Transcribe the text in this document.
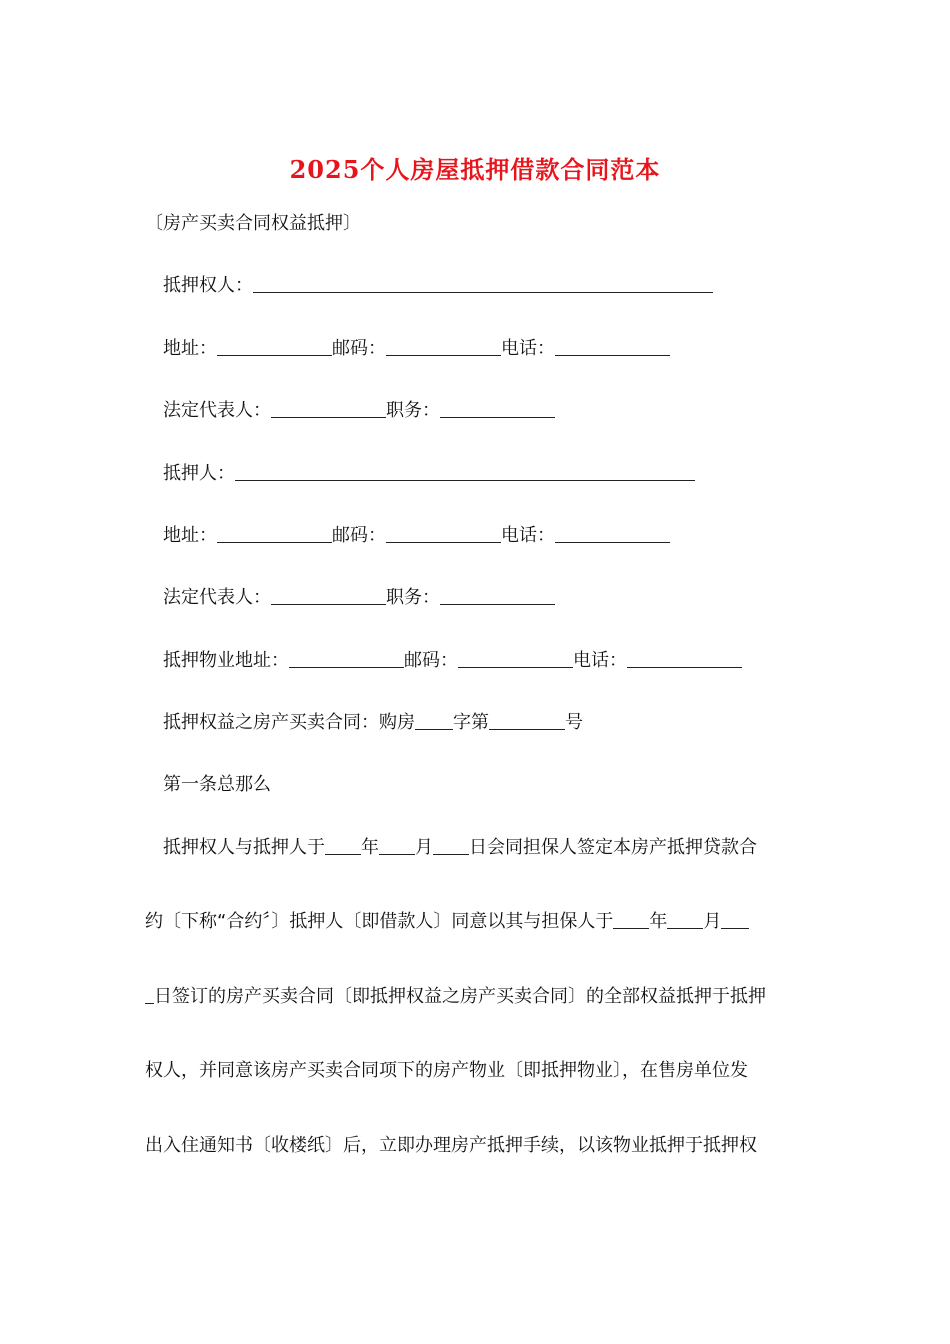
2025个人房屋抵押借款合同范本
〔房产买卖合同权益抵押〕
抵押权人：
地址：	邮码：	电话：
法定代表人：	职务：
抵押人：
地址：	邮码：	电话：
法定代表人：	职务：
抵押物业地址：	邮码：	电话：
抵押权益之房产买卖合同：购房 字第	号
第一条总那么
抵押权人与抵押人于 年 月 日会同担保人签定本房产抵押贷款合
约〔下称“合约〞〕抵押人〔即借款人〕同意以其与担保人于 年 月
日签订的房产买卖合同〔即抵押权益之房产买卖合同〕的全部权益抵押于抵押
权人，并同意该房产买卖合同项下的房产物业〔即抵押物业〕，在售房单位发
出入住通知书〔收楼纸〕后，立即办理房产抵押手续，以该物业抵押于抵押权
